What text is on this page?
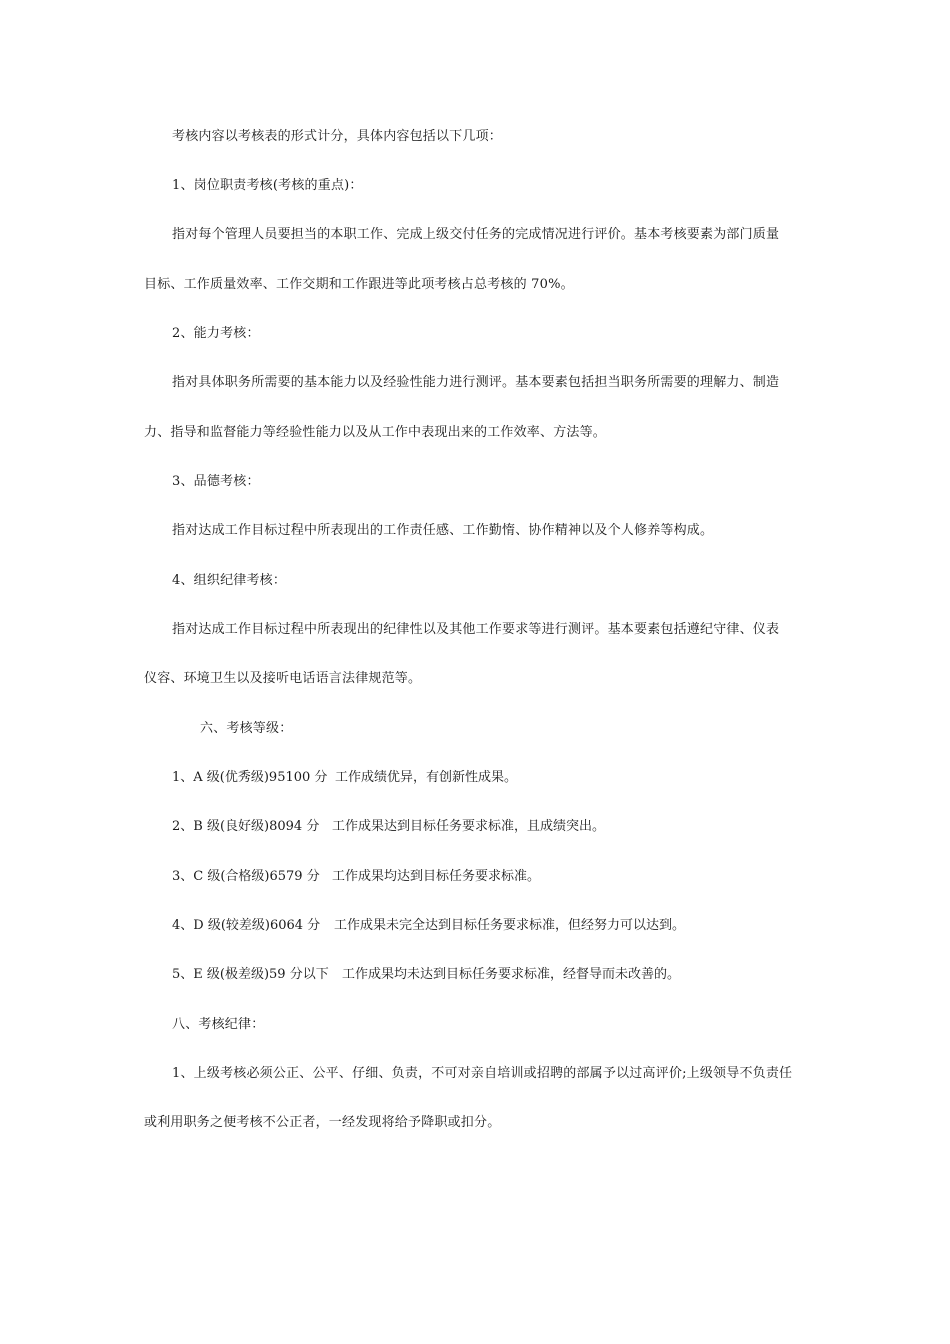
考核内容以考核表的形式计分，具体内容包括以下几项：
1、岗位职责考核(考核的重点)：
指对每个管理人员要担当的本职工作、完成上级交付任务的完成情况进行评价。基本考核要素为部门质量
目标、工作质量效率、工作交期和工作跟进等此项考核占总考核的 70%。
2、能力考核：
指对具体职务所需要的基本能力以及经验性能力进行测评。基本要素包括担当职务所需要的理解力、制造
力、指导和监督能力等经验性能力以及从工作中表现出来的工作效率、方法等。
3、品德考核：
指对达成工作目标过程中所表现出的工作责任感、工作勤惰、协作精神以及个人修养等构成。
4、组织纪律考核：
指对达成工作目标过程中所表现出的纪律性以及其他工作要求等进行测评。基本要素包括遵纪守律、仪表
仪容、环境卫生以及接听电话语言法律规范等。
六、考核等级：

1、A 级(优秀级)95100 分

工作成绩优异，有创新性成果。

2、B 级(良好级)8094 分

工作成果达到目标任务要求标准，且成绩突出。

3、C 级(合格级)6579 分

工作成果均达到目标任务要求标准。

4、D 级(较差级)6064 分

工作成果未完全达到目标任务要求标准，但经努力可以达到。

5、E 级(极差级)59 分以下

工作成果均未达到目标任务要求标准，经督导而未改善的。

八、考核纪律：
1、上级考核必须公正、公平、仔细、负责，不可对亲自培训或招聘的部属予以过高评价;上级领导不负责任
或利用职务之便考核不公正者，一经发现将给予降职或扣分。
